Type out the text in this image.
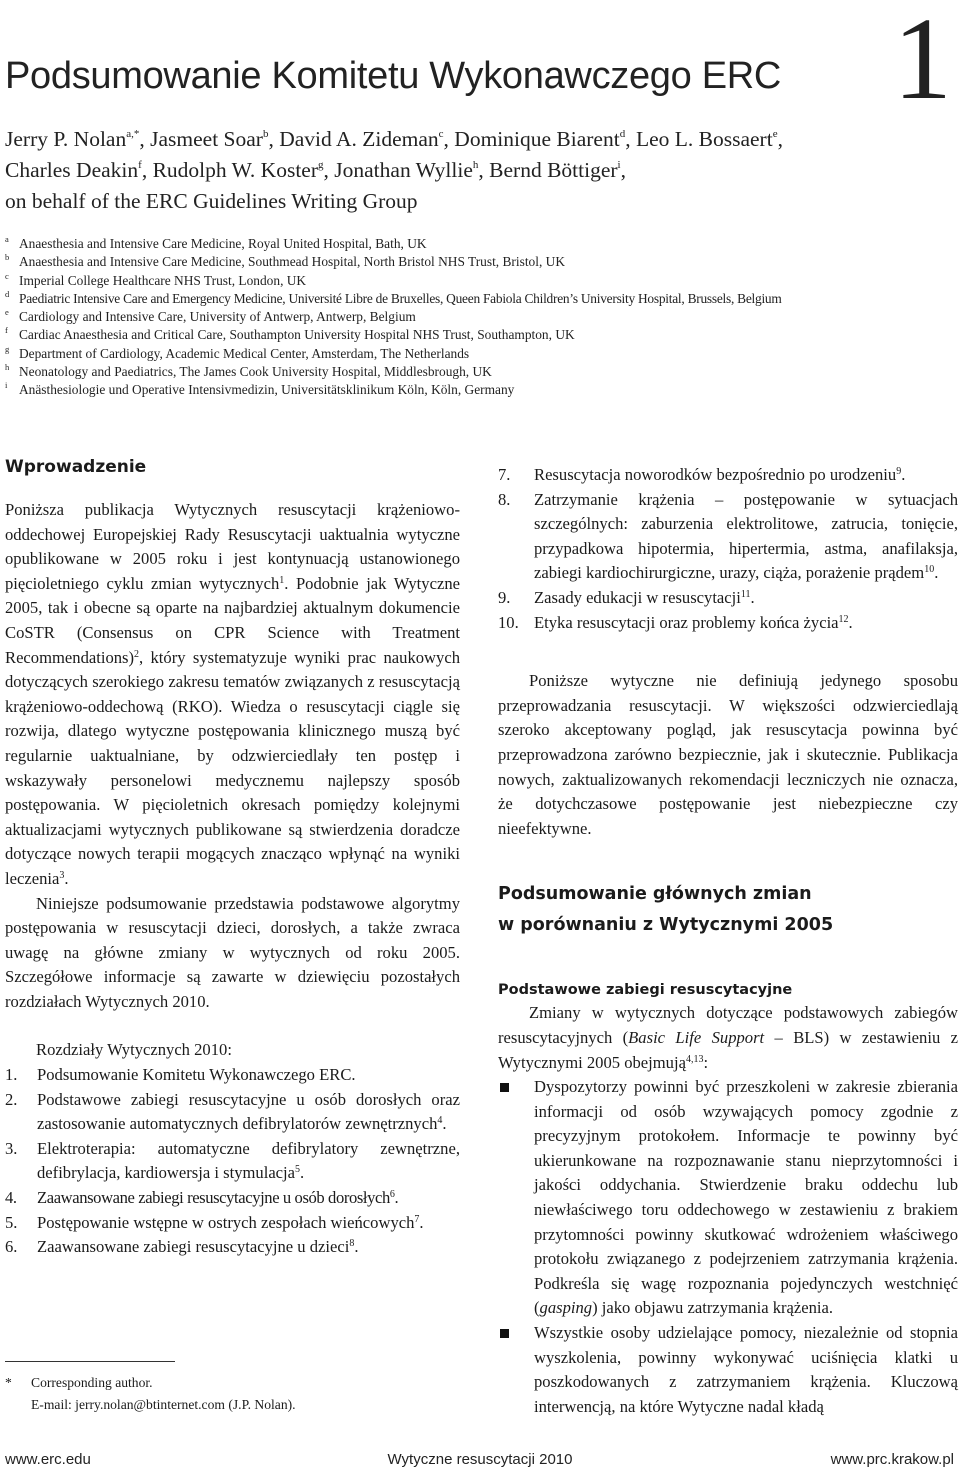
1
Podsumowanie Komitetu Wykonawczego ERC
Jerry P. Nolan$^{a,*}$, Jasmeet Soar$^b$, David A. Zideman$^c$, Dominique Biarent$^d$, Leo L. Bossaert$^e$,
Charles Deakin$^f$, Rudolph W. Koster$^g$, Jonathan Wyllie$^h$, Bernd Böttiger$^i$,
on behalf of the ERC Guidelines Writing Group
a Anaesthesia and Intensive Care Medicine, Royal United Hospital, Bath, UK
b Anaesthesia and Intensive Care Medicine, Southmead Hospital, North Bristol NHS Trust, Bristol, UK
c Imperial College Healthcare NHS Trust, London, UK
d Paediatric Intensive Care and Emergency Medicine, Université Libre de Bruxelles, Queen Fabiola Children’s University Hospital, Brussels, Belgium
e Cardiology and Intensive Care, University of Antwerp, Antwerp, Belgium
f Cardiac Anaesthesia and Critical Care, Southampton University Hospital NHS Trust, Southampton, UK
g Department of Cardiology, Academic Medical Center, Amsterdam, The Netherlands
h Neonatology and Paediatrics, The James Cook University Hospital, Middlesbrough, UK
i Anästhesiologie und Operative Intensivmedizin, Universitätsklinikum Köln, Köln, Germany
Wprowadzenie

Poniższa publikacja Wytycznych resuscytacji krążeniowo-oddechowej Europejskiej Rady Resuscytacji uaktualnia wytyczne opublikowane w 2005 roku i jest kontynuacją ustanowionego pięcioletniego cyklu zmian wytycznych$^1$. Podobnie jak Wytyczne 2005, tak i obecne są oparte na najbardziej aktualnym dokumencie CoSTR (Consensus on CPR Science with Treatment Recommendations)$^2$, który systematyzuje wyniki prac naukowych dotyczących szerokiego zakresu tematów związanych z resuscytacją krążeniowo-oddechową (RKO). Wiedza o resuscytacji ciągle się rozwija, dlatego wytyczne postępowania klinicznego muszą być regularnie uaktualniane, by odzwierciedlały ten postęp i wskazywały personelowi medycznemu najlepszy sposób postępowania. W pięcioletnich okresach pomiędzy kolejnymi aktualizacjami wytycznych publikowane są stwierdzenia doradcze dotyczące nowych terapii mogących znacząco wpłynąć na wyniki leczenia$^3$.

Niniejsze podsumowanie przedstawia podstawowe algorytmy postępowania w resuscytacji dzieci, dorosłych, a także zwraca uwagę na główne zmiany w wytycznych od roku 2005. Szczegółowe informacje są zawarte w dziewięciu pozostałych rozdziałach Wytycznych 2010.

Rozdziały Wytycznych 2010:

1. Podsumowanie Komitetu Wykonawczego ERC.
2. Podstawowe zabiegi resuscytacyjne u osób dorosłych oraz zastosowanie automatycznych defibrylatorów zewnętrznych$^4$.
3. Elektroterapia: automatyczne defibrylatory zewnętrzne, defibrylacja, kardiowersja i stymulacja$^5$.
4. Zaawansowane zabiegi resuscytacyjne u osób dorosłych$^6$.
5. Postępowanie wstępne w ostrych zespołach wieńcowych$^7$.
6. Zaawansowane zabiegi resuscytacyjne u dzieci$^8$.
* Corresponding author.
E-mail: jerry.nolan@btinternet.com (J.P. Nolan).
7. Resuscytacja noworodków bezpośrednio po urodzeniu$^9$.
8. Zatrzymanie krążenia – postępowanie w sytuacjach szczególnych: zaburzenia elektrolitowe, zatrucia, tonięcie, przypadkowa hipotermia, hipertermia, astma, anafilaksja, zabiegi kardiochirurgiczne, urazy, ciąża, porażenie prądem$^{10}$.
9. Zasady edukacji w resuscytacji$^{11}$.
10. Etyka resuscytacji oraz problemy końca życia$^{12}$.

Poniższe wytyczne nie definiują jedynego sposobu przeprowadzania resuscytacji. W większości odzwierciedlają szeroko akceptowany pogląd, jak resuscytacja powinna być przeprowadzona zarówno bezpiecznie, jak i skutecznie. Publikacja nowych, zaktualizowanych rekomendacji leczniczych nie oznacza, że dotychczasowe postępowanie jest niebezpieczne czy nieefektywne.

Podsumowanie głównych zmian
w porównaniu z Wytycznymi 2005
Podstawowe zabiegi resuscytacyjne

Zmiany w wytycznych dotyczące podstawowych zabiegów resuscytacyjnych (Basic Life Support – BLS) w zestawieniu z Wytycznymi 2005 obejmują$^{4,13}$:

Dyspozytorzy powinni być przeszkoleni w zakresie zbierania informacji od osób wzywających pomocy zgodnie z precyzyjnym protokołem. Informacje te powinny być ukierunkowane na rozpoznawanie stanu nieprzytomności i jakości oddychania. Stwierdzenie braku oddechu lub niewłaściwego toru oddechowego w zestawieniu z brakiem przytomności powinny skutkować wdrożeniem właściwego protokołu związanego z podejrzeniem zatrzymania krążenia. Podkreśla się wagę rozpoznania pojedynczych westchnięć (gasping) jako objawu zatrzymania krążenia.
Wszystkie osoby udzielające pomocy, niezależnie od stopnia wyszkolenia, powinny wykonywać uciśnięcia klatki u poszkodowanych z zatrzymaniem krążenia. Kluczową interwencją, na które Wytyczne nadal kładą
www.erc.edu	Wytyczne resuscytacji 2010	www.prc.krakow.pl
